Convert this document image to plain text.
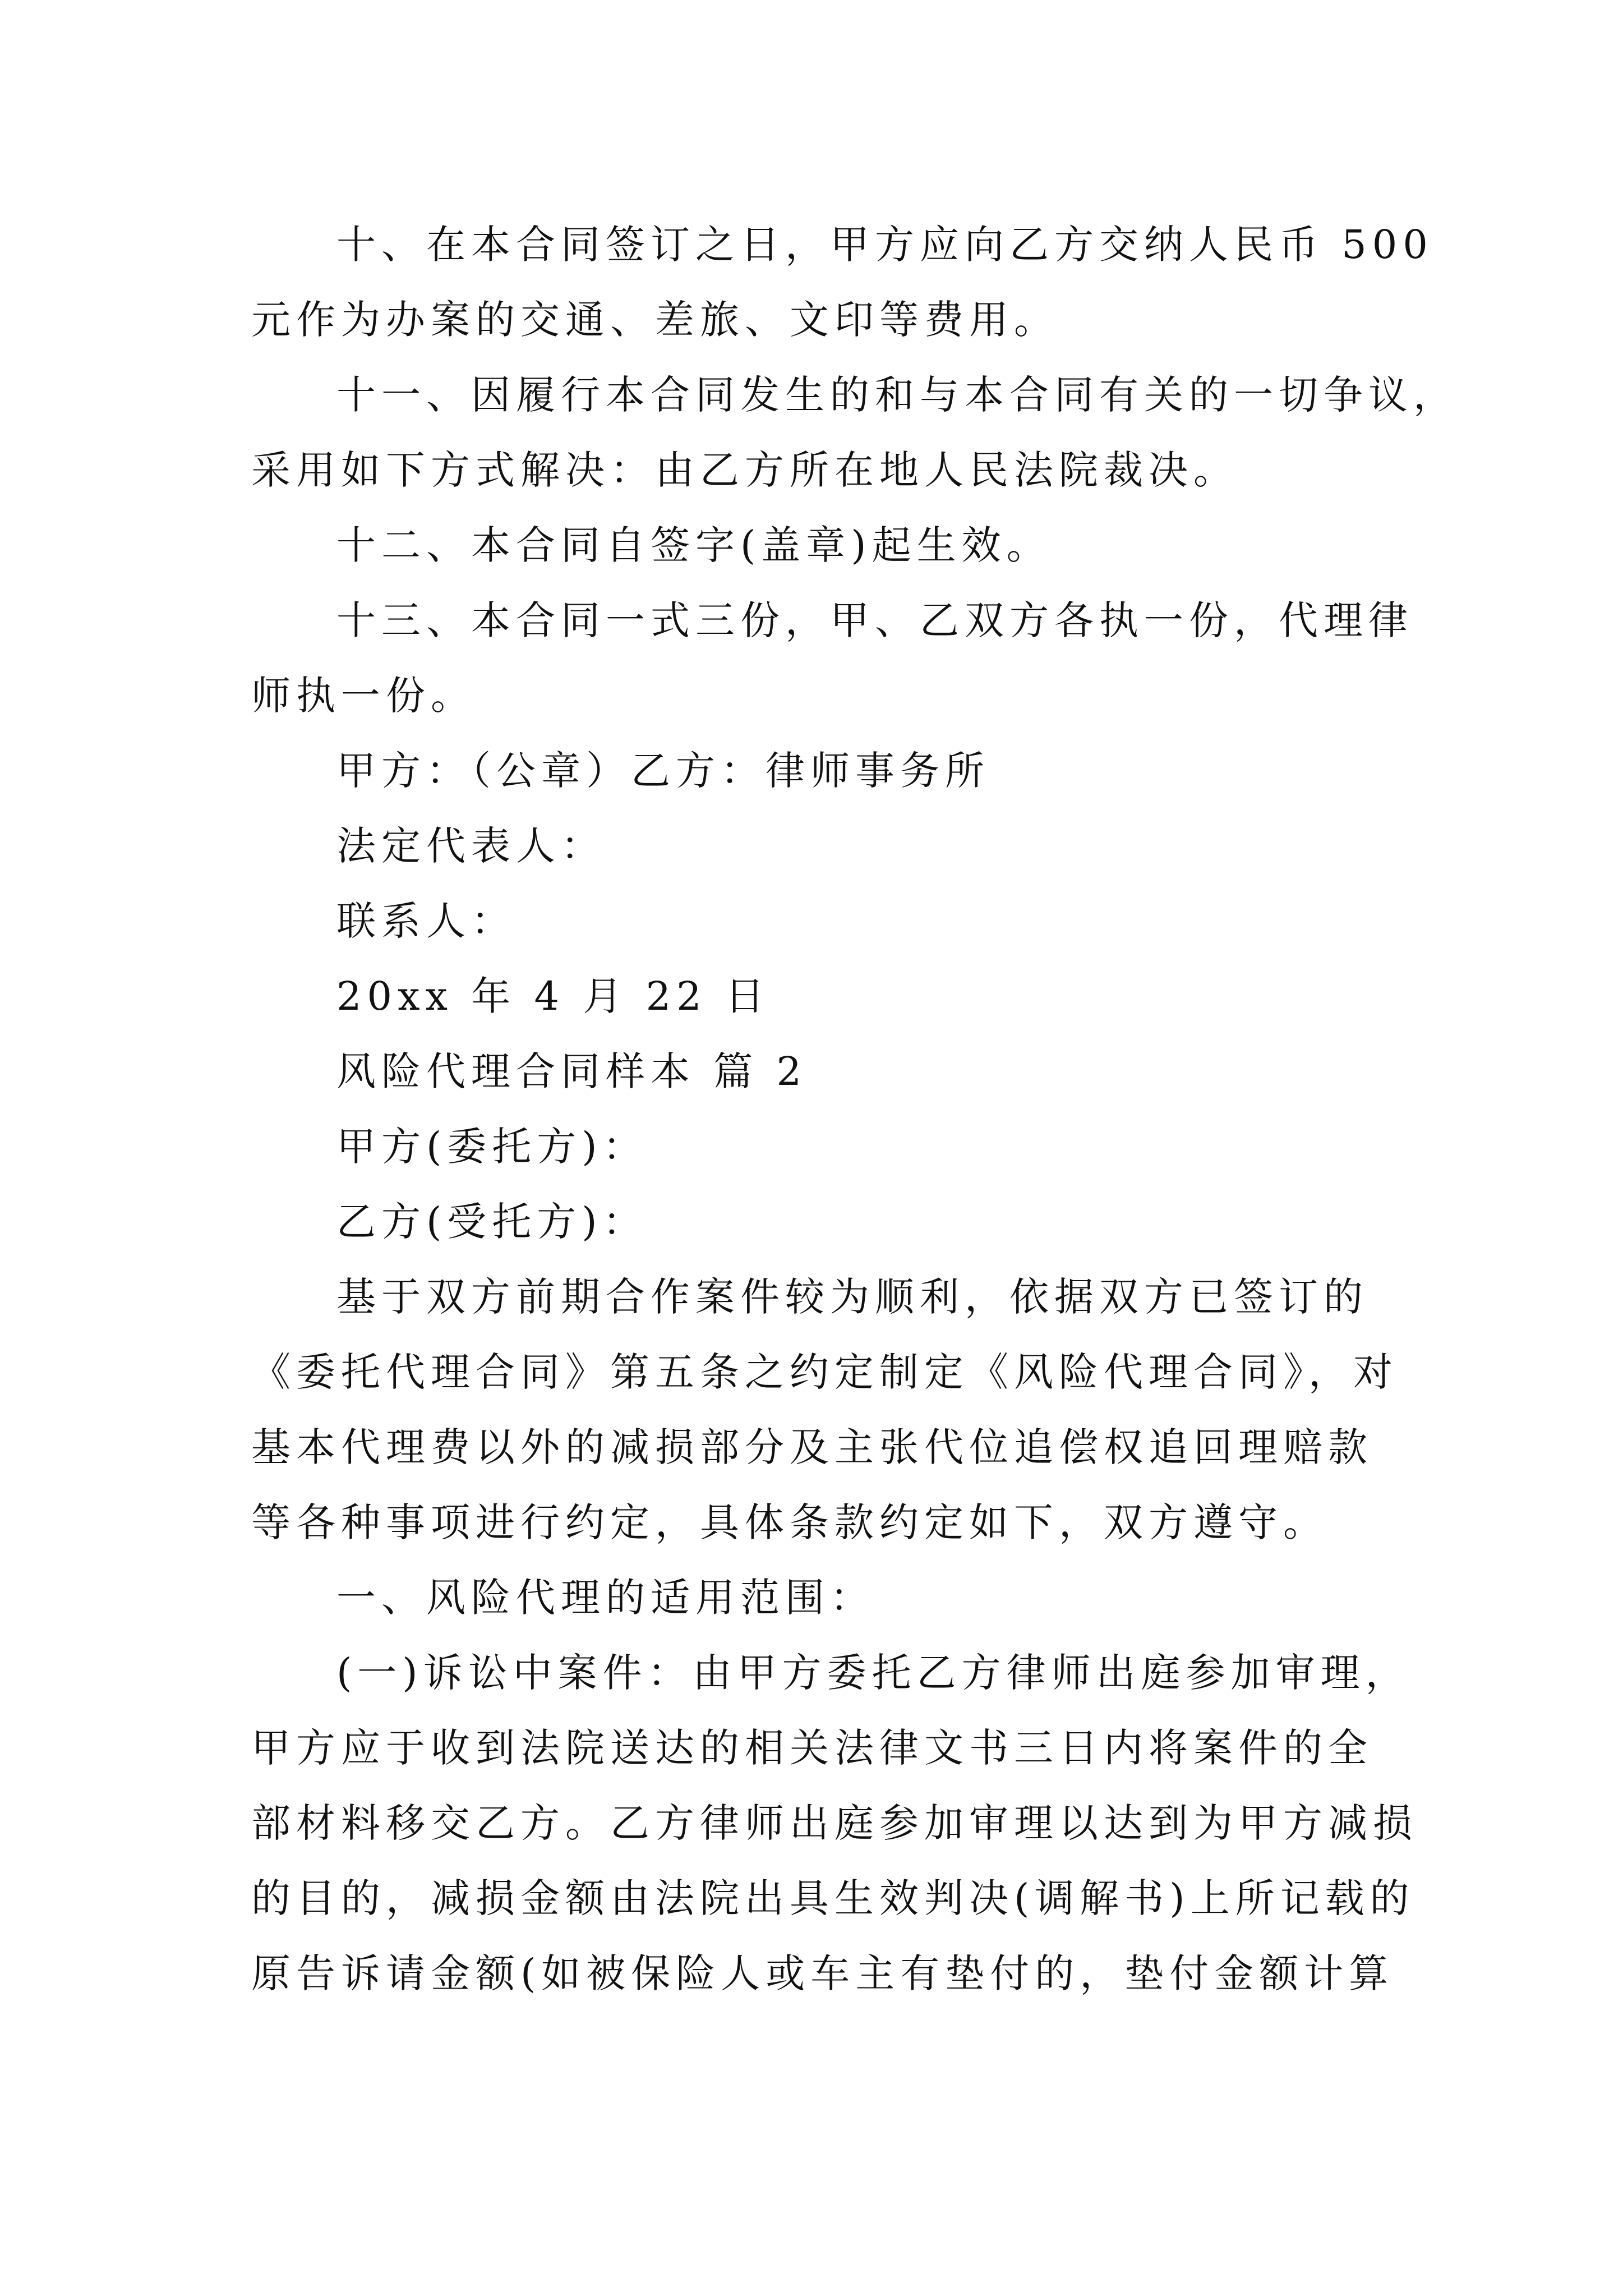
十、在本合同签订之日，甲方应向乙方交纳人民币 500

元作为办案的交通、差旅、文印等费用。

十一、因履行本合同发生的和与本合同有关的一切争议，

采用如下方式解决：由乙方所在地人民法院裁决。

十二、本合同自签字(盖章)起生效。

十三、本合同一式三份，甲、乙双方各执一份，代理律

师执一份。

甲方：（公章）乙方：律师事务所

法定代表人：

联系人：

20xx 年 4 月 22 日

风险代理合同样本 篇 2

甲方(委托方)：

乙方(受托方)：

基于双方前期合作案件较为顺利，依据双方已签订的

《委托代理合同》第五条之约定制定《风险代理合同》，对

基本代理费以外的减损部分及主张代位追偿权追回理赔款

等各种事项进行约定，具体条款约定如下，双方遵守。

一、风险代理的适用范围：

(一)诉讼中案件：由甲方委托乙方律师出庭参加审理，

甲方应于收到法院送达的相关法律文书三日内将案件的全

部材料移交乙方。乙方律师出庭参加审理以达到为甲方减损

的目的，减损金额由法院出具生效判决(调解书)上所记载的

原告诉请金额(如被保险人或车主有垫付的，垫付金额计算
